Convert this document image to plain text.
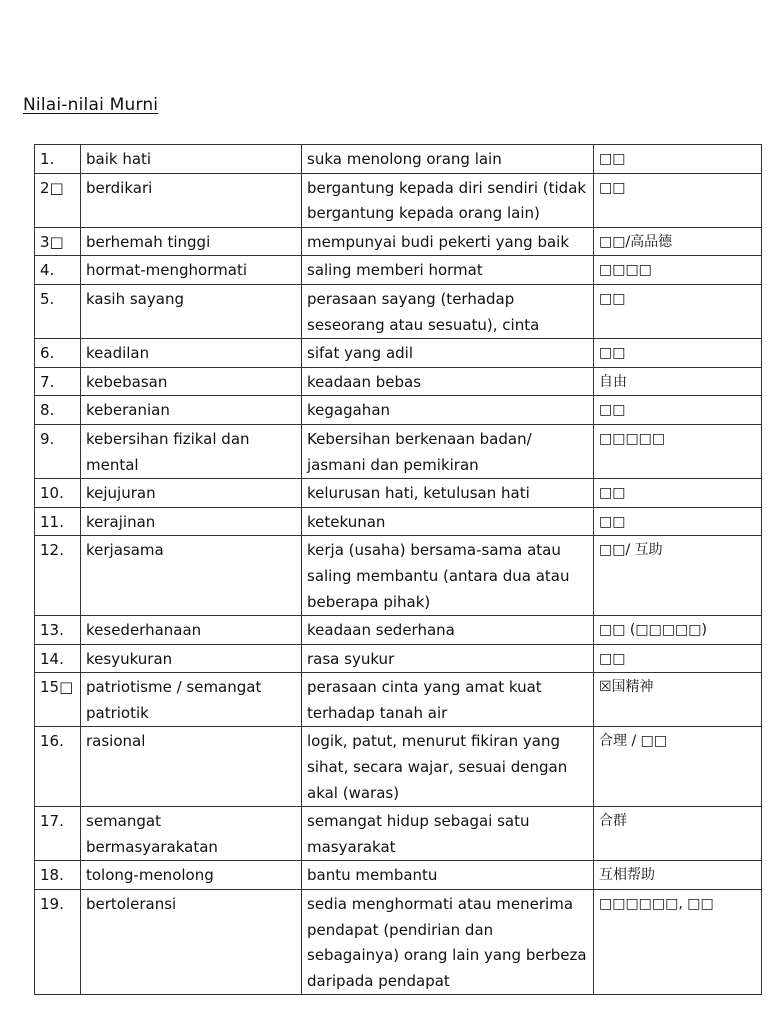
Nilai-nilai Murni
1.	baik hati	suka menolong orang lain	□□
2□	berdikari	bergantung kepada diri sendiri (tidak bergantung kepada orang lain)	□□
3□	berhemah tinggi	mempunyai budi pekerti yang baik	□□/高品德
4.	hormat-menghormati	saling memberi hormat	□□□□
5.	kasih sayang	perasaan sayang (terhadap seseorang atau sesuatu), cinta	□□
6.	keadilan	sifat yang adil	□□
7.	kebebasan	keadaan bebas	自由
8.	keberanian	kegagahan	□□
9.	kebersihan fizikal dan mental	Kebersihan berkenaan badan/ jasmani dan pemikiran	□□□□□
10.	kejujuran	kelurusan hati, ketulusan hati	□□
11.	kerajinan	ketekunan	□□
12.	kerjasama	kerja (usaha) bersama-sama atau saling membantu (antara dua atau beberapa pihak)	□□/ 互助
13.	kesederhanaan	keadaan sederhana	□□ (□□□□□)
14.	kesyukuran	rasa syukur	□□
15□	patriotisme / semangat patriotik	perasaan cinta yang amat kuat terhadap tanah air	☒国精神
16.	rasional	logik, patut, menurut fikiran yang sihat, secara wajar, sesuai dengan akal (waras)	合理 / □□
17.	semangat bermasyarakatan	semangat hidup sebagai satu masyarakat	合群
18.	tolong-menolong	bantu membantu	互相帮助
19.	bertoleransi	sedia menghormati atau menerima pendapat (pendirian dan sebagainya) orang lain yang berbeza daripada pendapat	□□□□□□, □□
